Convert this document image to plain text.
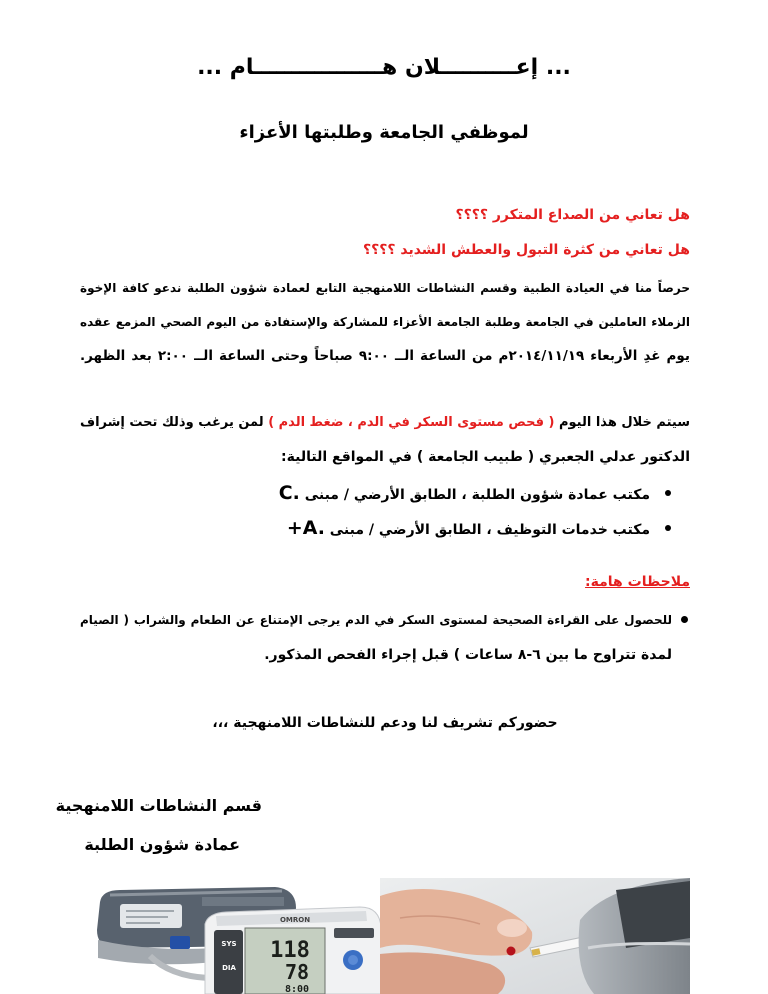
... إعــــــــــلان هـــــــــــــــــام ...
لموظفي الجامعة وطلبتها الأعزاء
هل تعاني من الصداع المتكرر ؟؟؟؟
هل تعاني من كثرة التبول والعطش الشديد ؟؟؟؟
حرصاً منا في العيادة الطبية وقسم النشاطات اللامنهجية التابع لعمادة شؤون الطلبة ندعو كافة الإخوة
الزملاء العاملين في الجامعة وطلبة الجامعة الأعزاء للمشاركة والإستفادة من اليوم الصحي المزمع عقده
يوم غدِ الأربعاء ٢٠١٤/١١/١٩م من الساعة الــ ٩:٠٠ صباحاً وحتى الساعة الــ ٢:٠٠ بعد الظهر.
سيتم خلال هذا اليوم ( فحص مستوى السكر في الدم ، ضغط الدم ) لمن يرغب وذلك تحت إشراف
الدكتور عدلي الجعبري ( طبيب الجامعة ) في المواقع التالية:
مكتب عمادة شؤون الطلبة ، الطابق الأرضي / مبنى C.
مكتب خدمات التوظيف ، الطابق الأرضي / مبنى +A.
ملاحظات هامة:
للحصول على القراءة الصحيحة لمستوى السكر في الدم يرجى الإمتناع عن الطعام والشراب ( الصيام
لمدة تتراوح ما بين ٦-٨ ساعات ) قبل إجراء الفحص المذكور.
حضوركم تشريف لنا ودعم للنشاطات اللامنهجية ،،،
قسم النشاطات اللامنهجية
عمادة شؤون الطلبة
OMRON
SYS
DIA
118
78
8:00
